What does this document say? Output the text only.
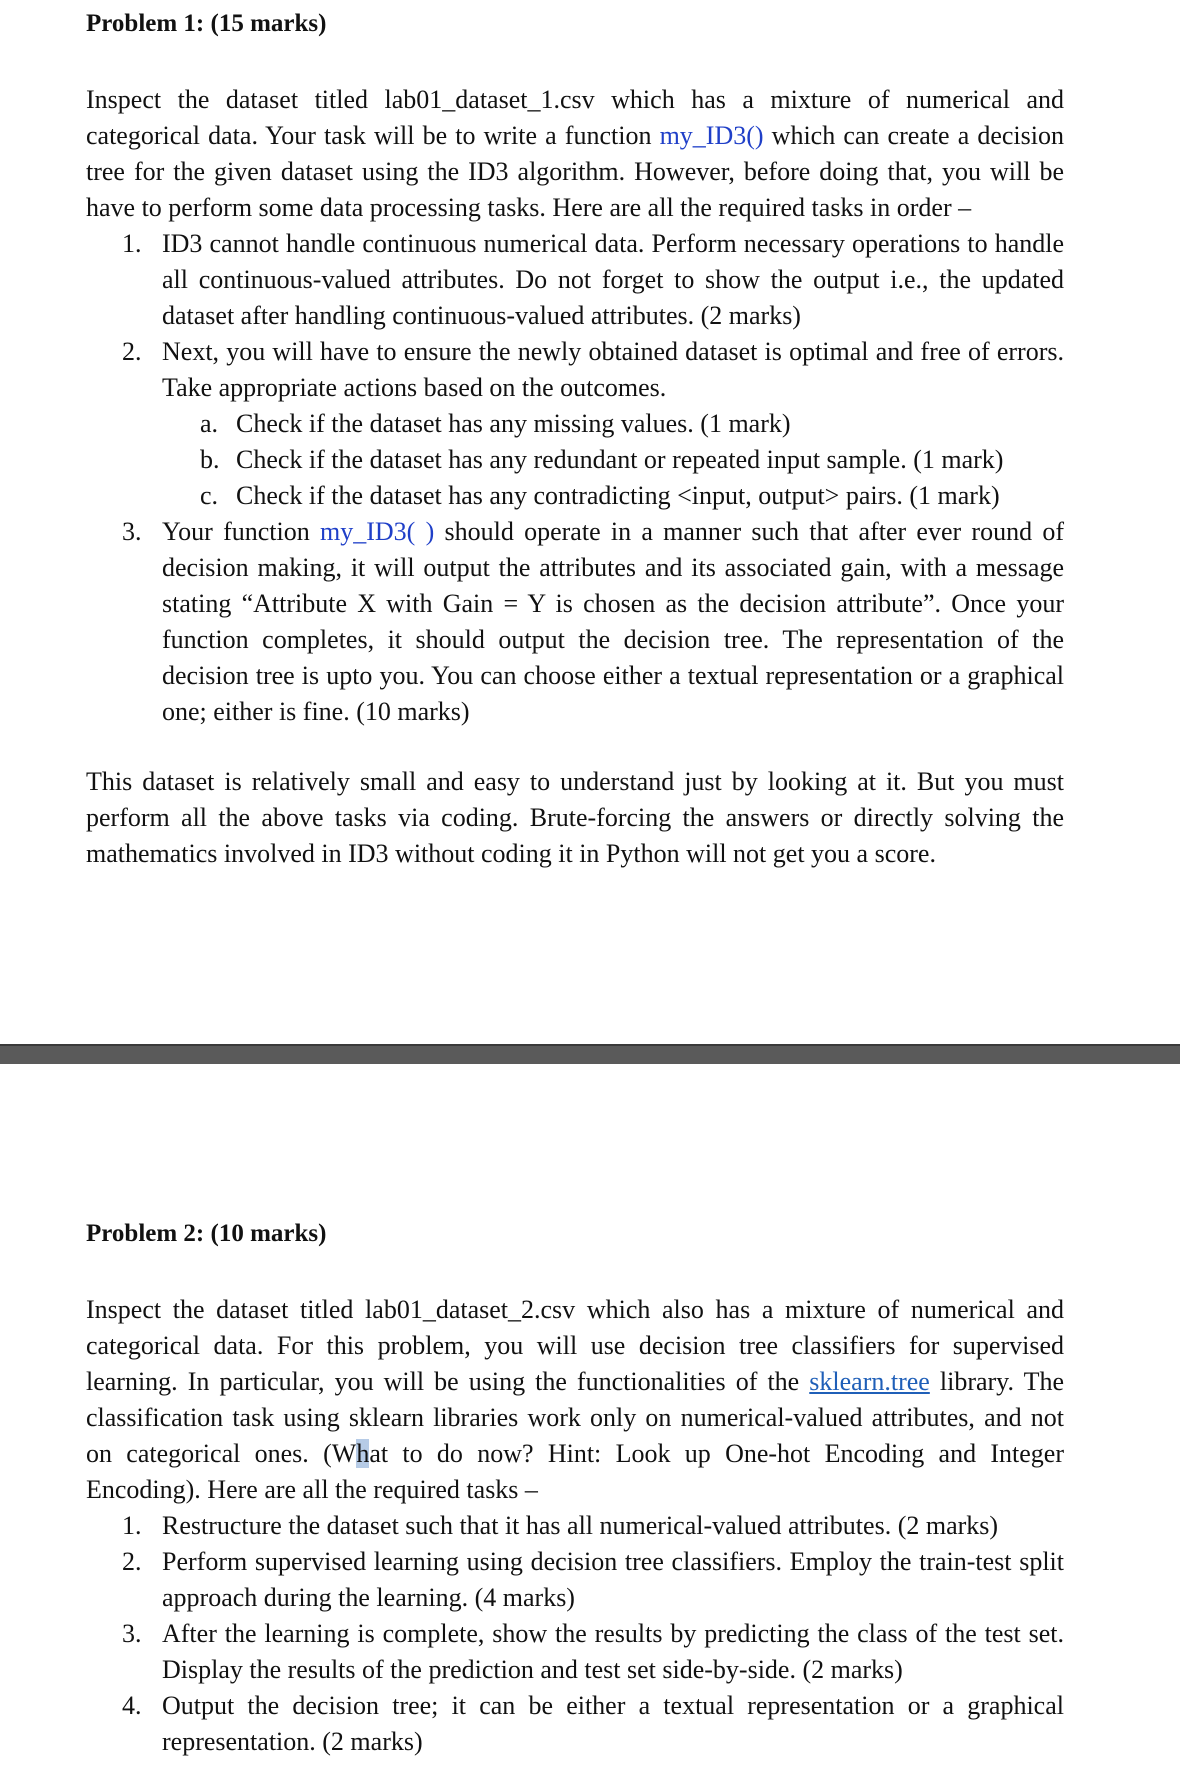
Problem 1: (15 marks)

Inspect the dataset titled lab01_dataset_1.csv which has a mixture of numerical and categorical data. Your task will be to write a function my_ID3() which can create a decision tree for the given dataset using the ID3 algorithm. However, before doing that, you will be have to perform some data processing tasks. Here are all the required tasks in order –

1. ID3 cannot handle continuous numerical data. Perform necessary operations to handle all continuous-valued attributes. Do not forget to show the output i.e., the updated dataset after handling continuous-valued attributes. (2 marks)
2. Next, you will have to ensure the newly obtained dataset is optimal and free of errors. Take appropriate actions based on the outcomes.
a. Check if the dataset has any missing values. (1 mark)
b. Check if the dataset has any redundant or repeated input sample. (1 mark)
c. Check if the dataset has any contradicting <input, output> pairs. (1 mark)
3. Your function my_ID3( ) should operate in a manner such that after ever round of decision making, it will output the attributes and its associated gain, with a message stating “Attribute X with Gain = Y is chosen as the decision attribute”. Once your function completes, it should output the decision tree. The representation of the decision tree is upto you. You can choose either a textual representation or a graphical one; either is fine. (10 marks)

This dataset is relatively small and easy to understand just by looking at it. But you must perform all the above tasks via coding. Brute-forcing the answers or directly solving the mathematics involved in ID3 without coding it in Python will not get you a score.

Problem 2: (10 marks)

Inspect the dataset titled lab01_dataset_2.csv which also has a mixture of numerical and categorical data. For this problem, you will use decision tree classifiers for supervised learning. In particular, you will be using the functionalities of the sklearn.tree library. The classification task using sklearn libraries work only on numerical-valued attributes, and not on categorical ones. (What to do now? Hint: Look up One-hot Encoding and Integer Encoding). Here are all the required tasks –

1. Restructure the dataset such that it has all numerical-valued attributes. (2 marks)
2. Perform supervised learning using decision tree classifiers. Employ the train-test split approach during the learning. (4 marks)
3. After the learning is complete, show the results by predicting the class of the test set. Display the results of the prediction and test set side-by-side. (2 marks)
4. Output the decision tree; it can be either a textual representation or a graphical representation. (2 marks)
